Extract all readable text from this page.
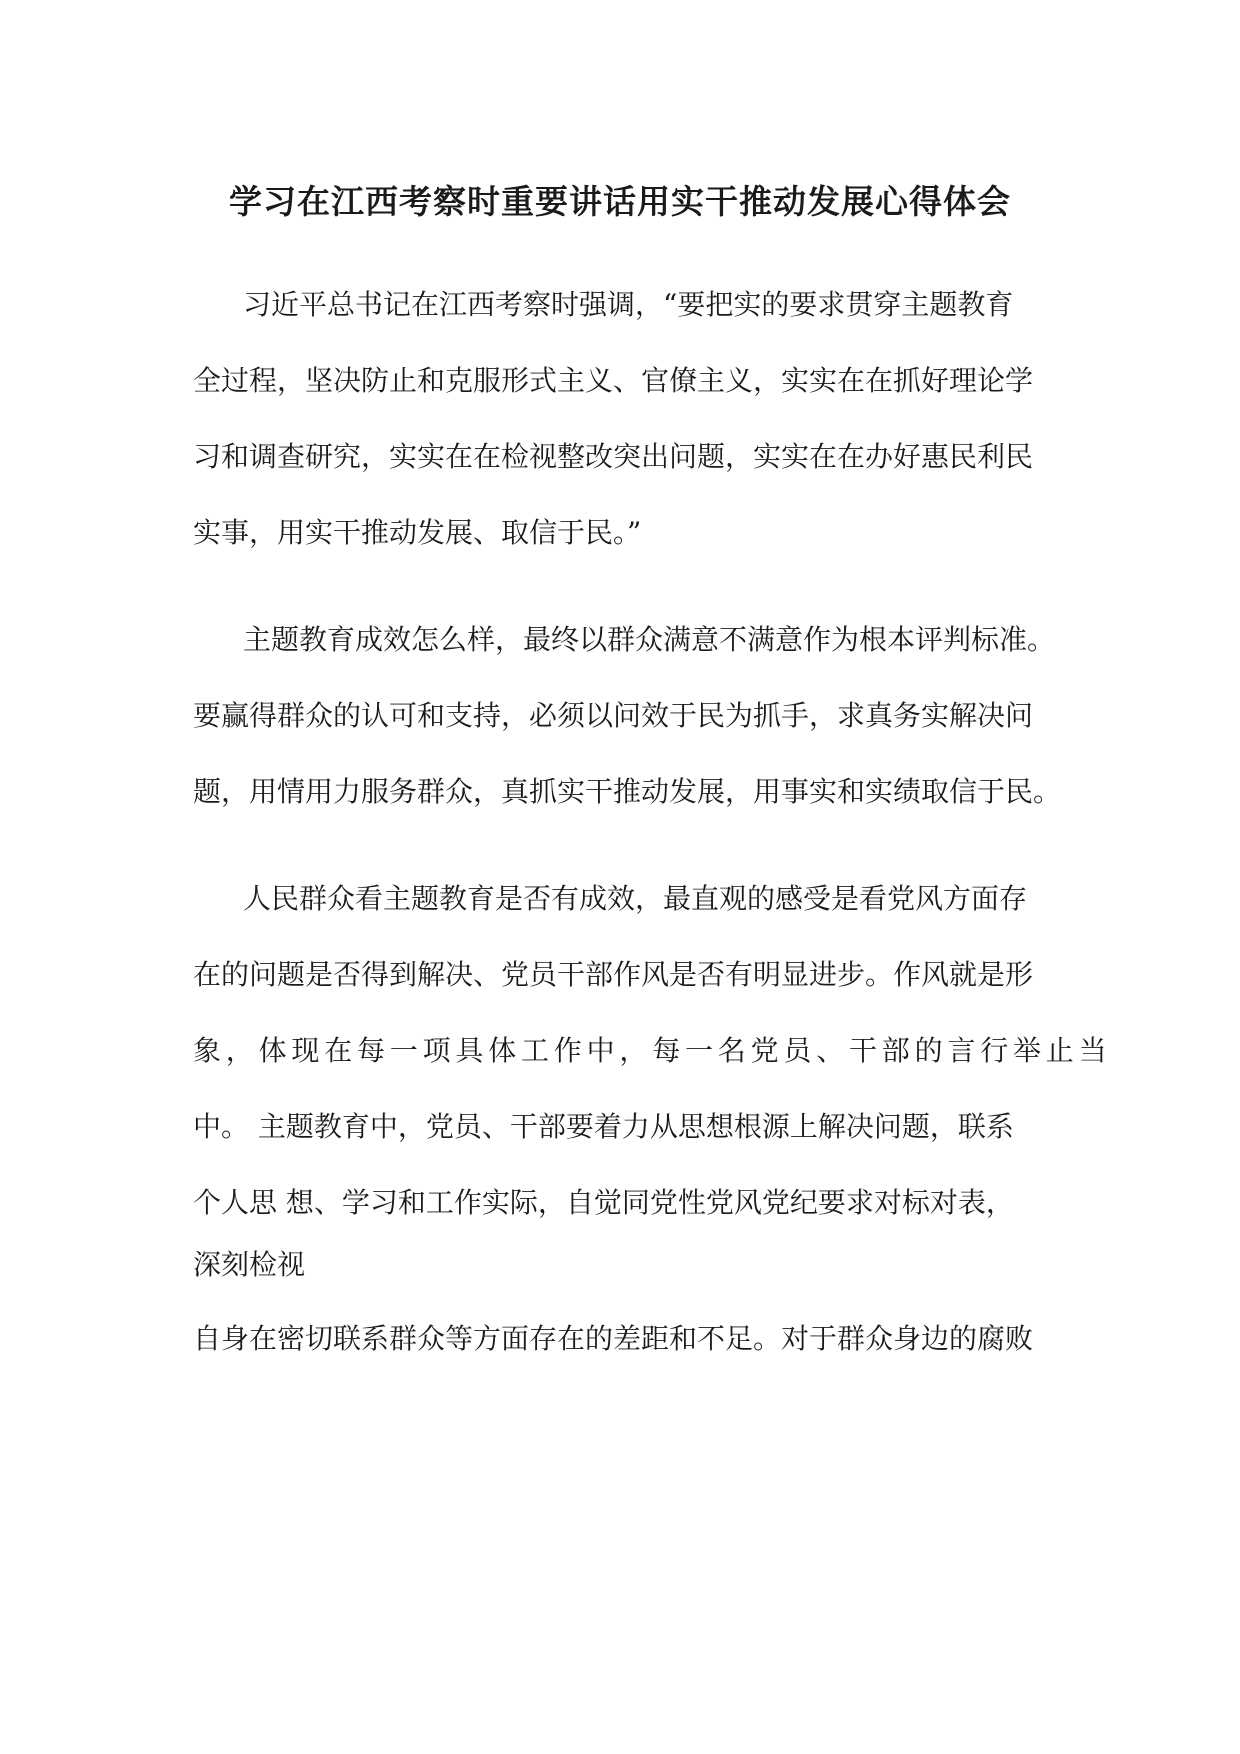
学习在江西考察时重要讲话用实干推动发展心得体会

习近平总书记在江西考察时强调，“要把实的要求贯穿主题教育

全过程，坚决防止和克服形式主义、官僚主义，实实在在抓好理论学

习和调查研究，实实在在检视整改突出问题，实实在在办好惠民利民

实事，用实干推动发展、取信于民。”

主题教育成效怎么样，最终以群众满意不满意作为根本评判标准。

要赢得群众的认可和支持，必须以问效于民为抓手，求真务实解决问

题，用情用力服务群众，真抓实干推动发展，用事实和实绩取信于民。

人民群众看主题教育是否有成效，最直观的感受是看党风方面存

在的问题是否得到解决、党员干部作风是否有明显进步。作风就是形

象，体现在每一项具体工作中，每一名党员、干部的言行举止当

中。 主题教育中，党员、干部要着力从思想根源上解决问题，联系

个人思 想、学习和工作实际，自觉同党性党风党纪要求对标对表，

深刻检视

自身在密切联系群众等方面存在的差距和不足。对于群众身边的腐败
